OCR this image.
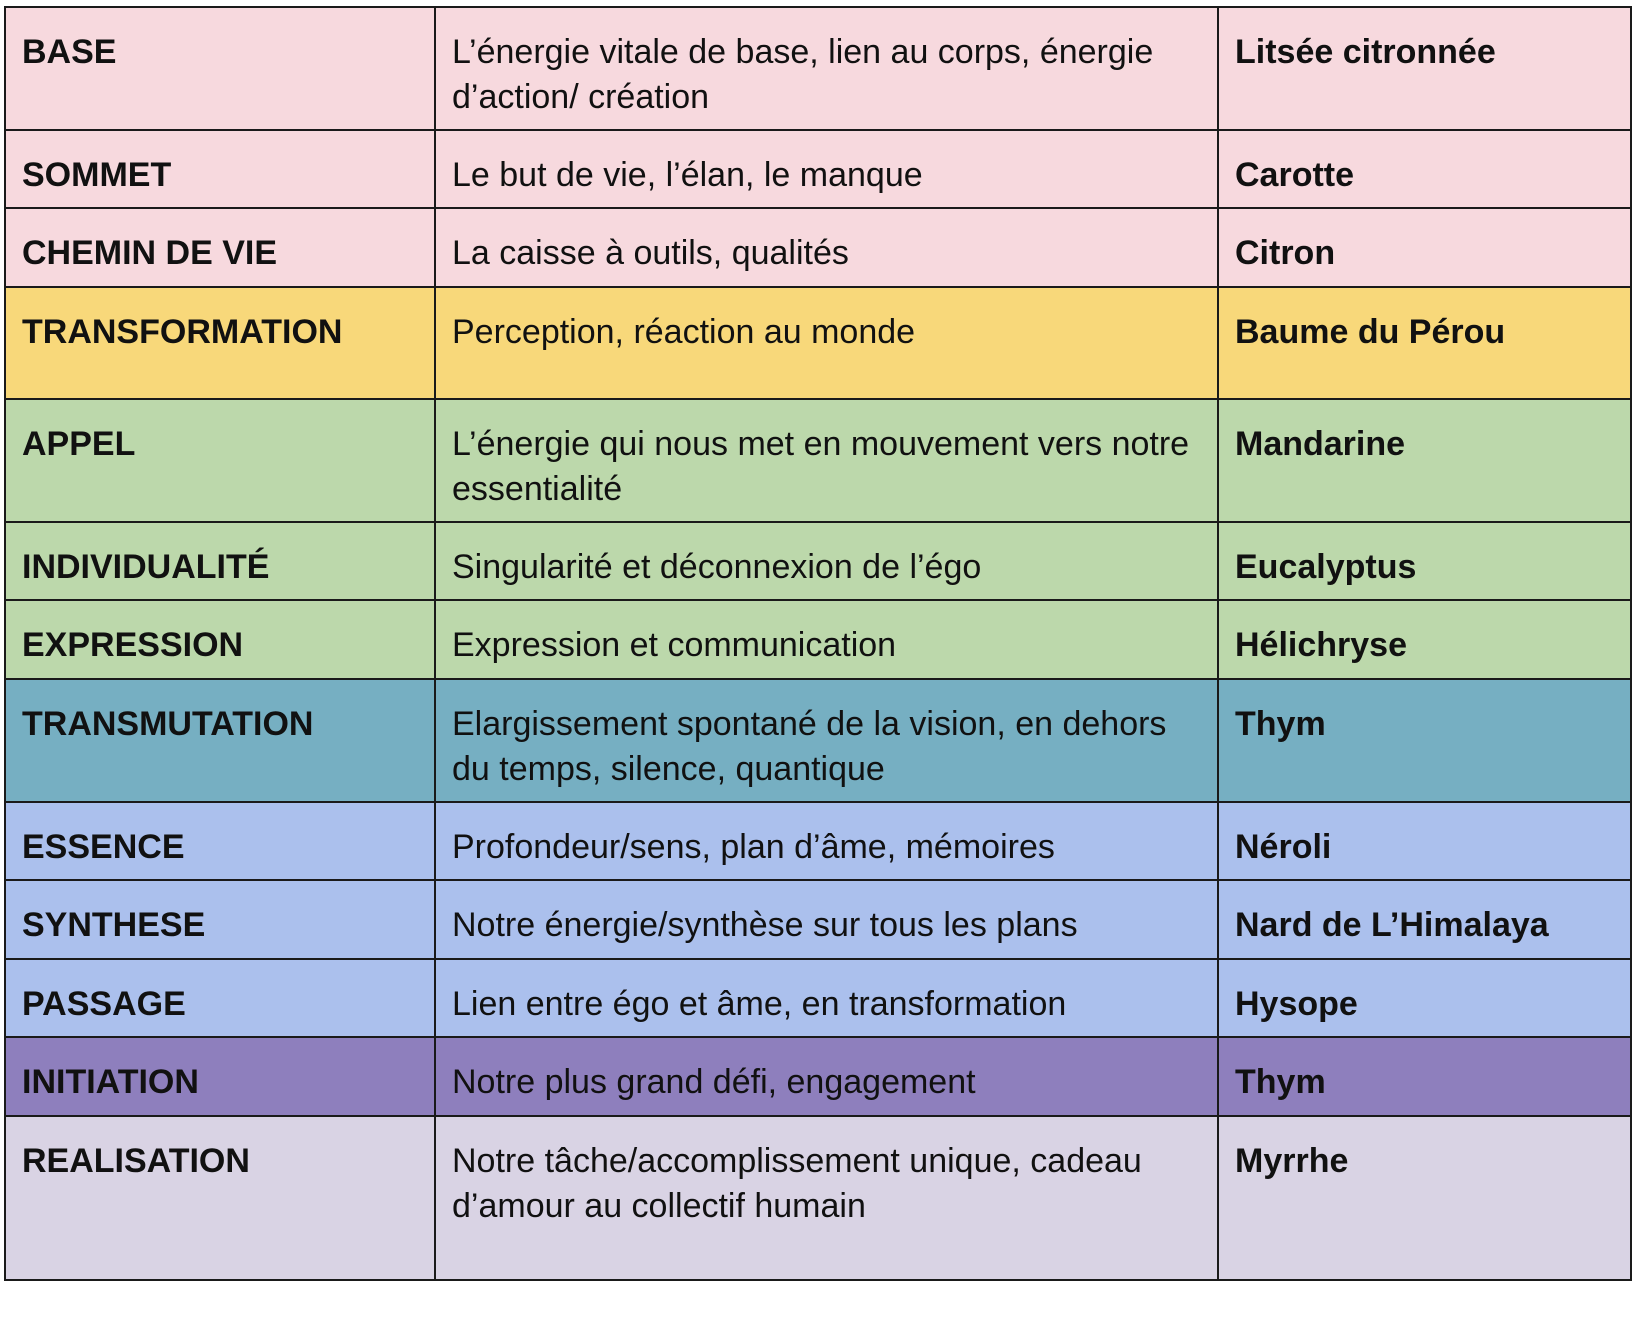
BASE	L’énergie vitale de base, lien au corps, énergie d’action/ création	Litsée citronnée
SOMMET	Le but de vie, l’élan, le manque	Carotte
CHEMIN DE VIE	La caisse à outils, qualités	Citron
TRANSFORMATION	Perception, réaction au monde	Baume du Pérou
APPEL	L’énergie qui nous met en mouvement vers notre essentialité	Mandarine
INDIVIDUALITÉ	Singularité et déconnexion de l’égo	Eucalyptus
EXPRESSION	Expression et communication	Hélichryse
TRANSMUTATION	Elargissement spontané de la vision, en dehors du temps, silence, quantique	Thym
ESSENCE	Profondeur/sens, plan d’âme, mémoires	Néroli
SYNTHESE	Notre énergie/synthèse sur tous les plans	Nard de L’Himalaya
PASSAGE	Lien entre égo et âme, en transformation	Hysope
INITIATION	Notre plus grand défi, engagement	Thym
REALISATION	Notre tâche/accomplissement unique, cadeau d’amour au collectif humain	Myrrhe
